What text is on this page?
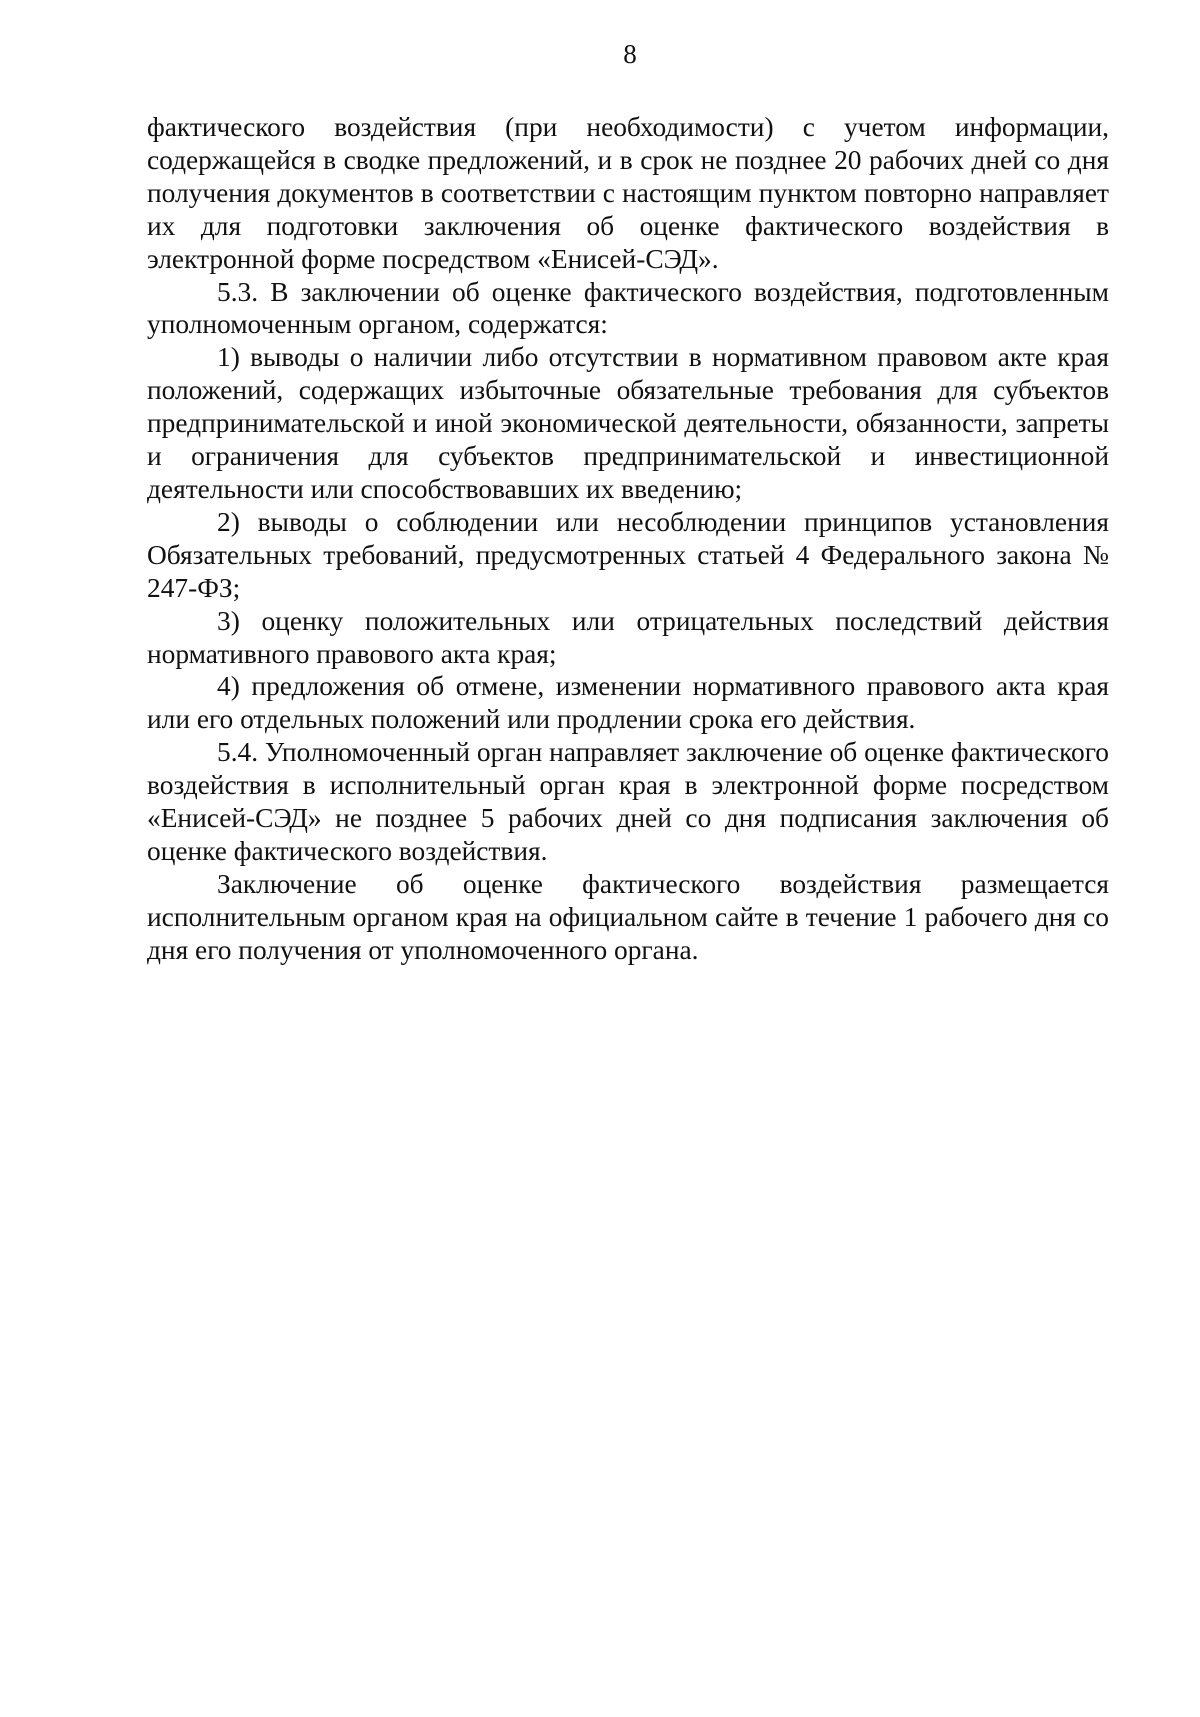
8

фактического воздействия (при необходимости) с учетом информации, содержащейся в сводке предложений, и в срок не позднее 20 рабочих дней со дня получения документов в соответствии с настоящим пунктом повторно направляет их для подготовки заключения об оценке фактического воздействия в электронной форме посредством «Енисей-СЭД».

5.3. В заключении об оценке фактического воздействия, подготовленным уполномоченным органом, содержатся:

1) выводы о наличии либо отсутствии в нормативном правовом акте края положений, содержащих избыточные обязательные требования для субъектов предпринимательской и иной экономической деятельности, обязанности, запреты и ограничения для субъектов предпринимательской и инвестиционной деятельности или способствовавших их введению;

2) выводы о соблюдении или несоблюдении принципов установления Обязательных требований, предусмотренных статьей 4 Федерального закона № 247-ФЗ;

3) оценку положительных или отрицательных последствий действия нормативного правового акта края;

4) предложения об отмене, изменении нормативного правового акта края или его отдельных положений или продлении срока его действия.

5.4. Уполномоченный орган направляет заключение об оценке фактического воздействия в исполнительный орган края в электронной форме посредством «Енисей-СЭД» не позднее 5 рабочих дней со дня подписания заключения об оценке фактического воздействия.

Заключение об оценке фактического воздействия размещается исполнительным органом края на официальном сайте в течение 1 рабочего дня со дня его получения от уполномоченного органа.
